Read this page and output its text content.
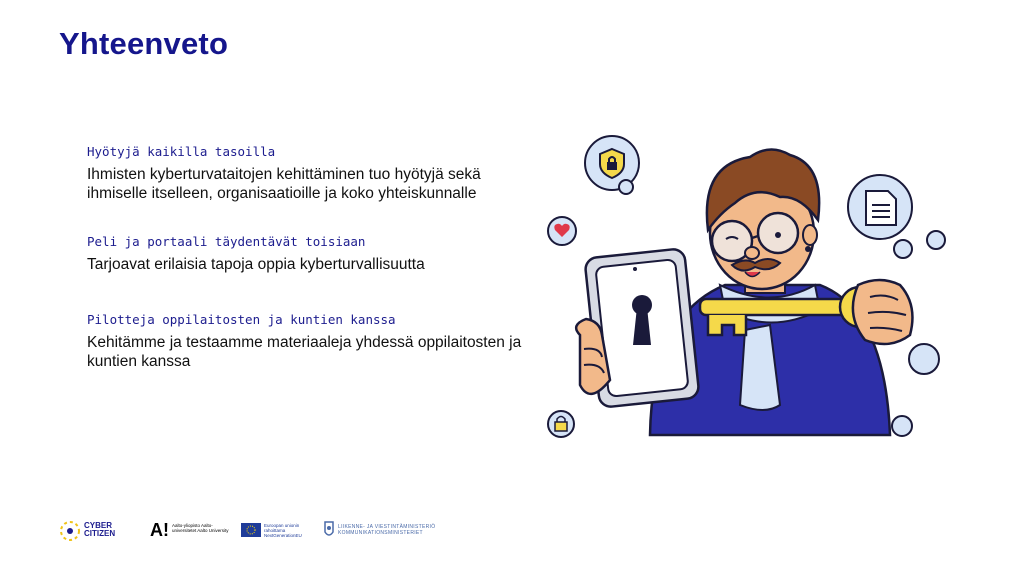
Yhteenveto
Hyötyjä kaikilla tasoilla
Ihmisten kyberturvataitojen kehittäminen tuo hyötyjä sekä ihmiselle itselleen, organisaatioille ja koko yhteiskunnalle
Peli ja portaali täydentävät toisiaan
Tarjoavat erilaisia tapoja oppia kyberturvallisuutta
Pilotteja oppilaitosten ja kuntien kanssa
Kehitämme ja testaamme materiaaleja yhdessä oppilaitosten ja kuntien kanssa
CYBER CITIZEN	A! Aalto-yliopisto Aalto-universitetet Aalto University
Euroopan unionin rahoittama NextGenerationEU
LIIKENNE- JA VIESTINTÄMINISTERIÖ KOMMUNIKATIONSMINISTERIET
